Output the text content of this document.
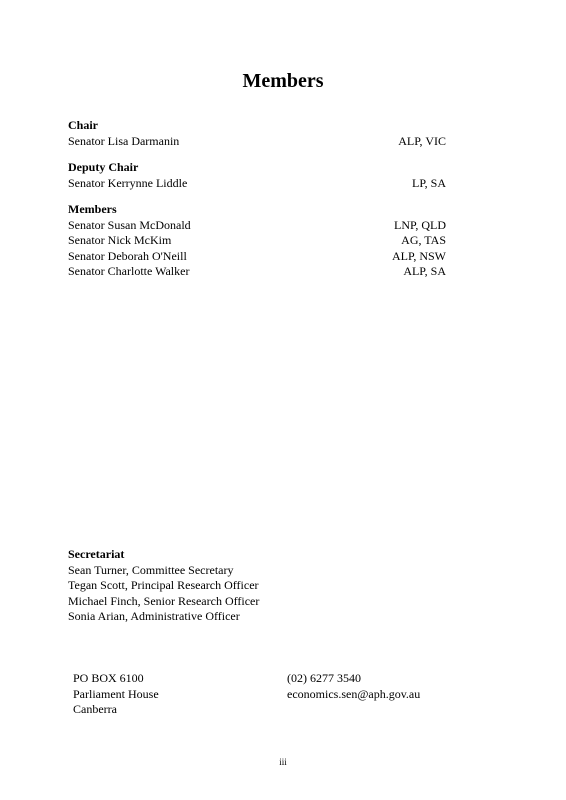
Members
Chair
Senator Lisa Darmanin	ALP, VIC
Deputy Chair
Senator Kerrynne Liddle	LP, SA
Members
Senator Susan McDonald	LNP, QLD
Senator Nick McKim	AG, TAS
Senator Deborah O'Neill	ALP, NSW
Senator Charlotte Walker	ALP, SA
Secretariat
Sean Turner, Committee Secretary
Tegan Scott, Principal Research Officer
Michael Finch, Senior Research Officer
Sonia Arian, Administrative Officer
PO BOX 6100
Parliament House
Canberra
(02) 6277 3540
economics.sen@aph.gov.au
iii
